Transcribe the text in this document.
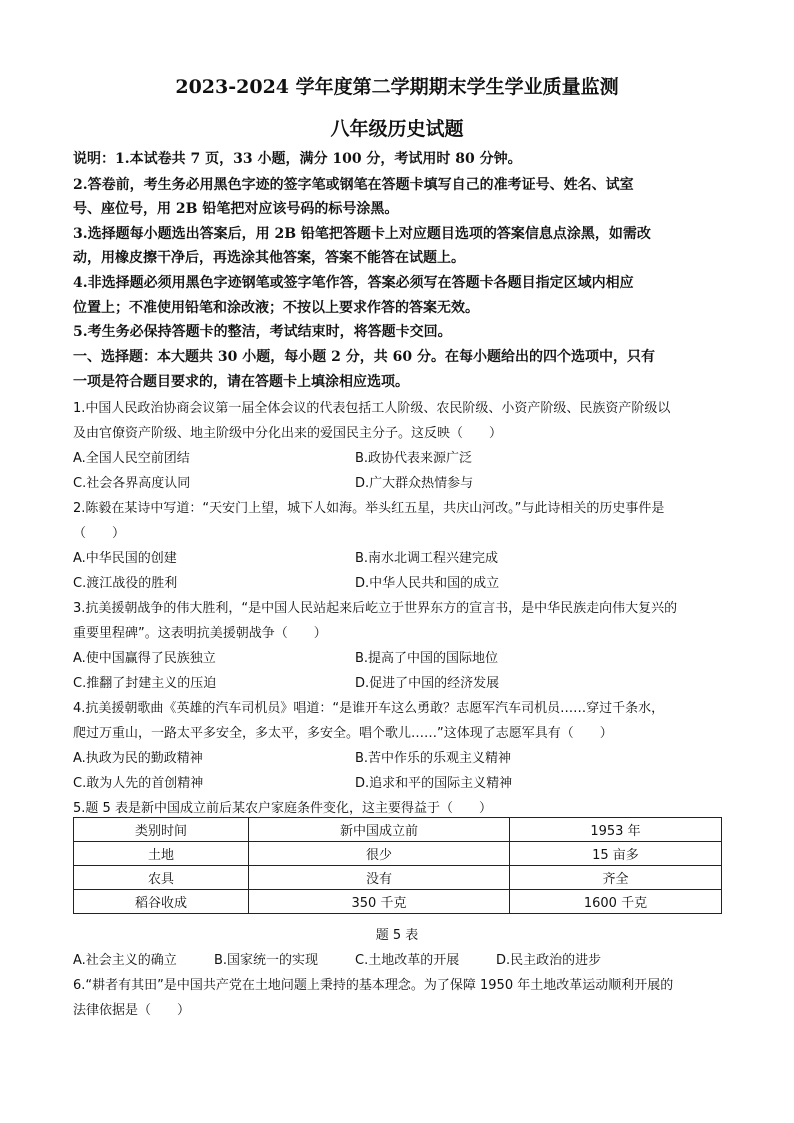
2023-2024 学年度第二学期期末学生学业质量监测
八年级历史试题
说明：1.本试卷共 7 页，33 小题，满分 100 分，考试用时 80 分钟。
2.答卷前，考生务必用黑色字迹的签字笔或钢笔在答题卡填写自己的准考证号、姓名、试室
号、座位号，用 2B 铅笔把对应该号码的标号涂黑。
3.选择题每小题选出答案后，用 2B 铅笔把答题卡上对应题目选项的答案信息点涂黑，如需改
动，用橡皮擦干净后，再选涂其他答案，答案不能答在试题上。
4.非选择题必须用黑色字迹钢笔或签字笔作答，答案必须写在答题卡各题目指定区域内相应
位置上；不准使用铅笔和涂改液；不按以上要求作答的答案无效。
5.考生务必保持答题卡的整洁，考试结束时，将答题卡交回。
一、选择题：本大题共 30 小题，每小题 2 分，共 60 分。在每小题给出的四个选项中，只有
一项是符合题目要求的，请在答题卡上填涂相应选项。
1.中国人民政治协商会议第一届全体会议的代表包括工人阶级、农民阶级、小资产阶级、民族资产阶级以
及由官僚资产阶级、地主阶级中分化出来的爱国民主分子。这反映（　　）
A.全国人民空前团结	B.政协代表来源广泛
C.社会各界高度认同	D.广大群众热情参与
2.陈毅在某诗中写道：“天安门上望，城下人如海。举头红五星，共庆山河改。”与此诗相关的历史事件是
（　　）
A.中华民国的创建	B.南水北调工程兴建完成
C.渡江战役的胜利	D.中华人民共和国的成立
3.抗美援朝战争的伟大胜利，“是中国人民站起来后屹立于世界东方的宣言书，是中华民族走向伟大复兴的
重要里程碑”。这表明抗美援朝战争（　　）
A.使中国赢得了民族独立	B.提高了中国的国际地位
C.推翻了封建主义的压迫	D.促进了中国的经济发展
4.抗美援朝歌曲《英雄的汽车司机员》唱道：“是谁开车这么勇敢？志愿军汽车司机员……穿过千条水，
爬过万重山，一路太平多安全，多太平，多安全。唱个歌儿……”这体现了志愿军具有（　　）
A.执政为民的勤政精神	B.苦中作乐的乐观主义精神
C.敢为人先的首创精神	D.追求和平的国际主义精神
5.题 5 表是新中国成立前后某农户家庭条件变化，这主要得益于（　　）
类别时间	新中国成立前	1953 年
土地	很少	15 亩多
农具	没有	齐全
稻谷收成	350 千克	1600 千克
题 5 表
A.社会主义的确立	B.国家统一的实现	C.土地改革的开展	D.民主政治的进步
6.“耕者有其田”是中国共产党在土地问题上秉持的基本理念。为了保障 1950 年土地改革运动顺利开展的
法律依据是（　　）
